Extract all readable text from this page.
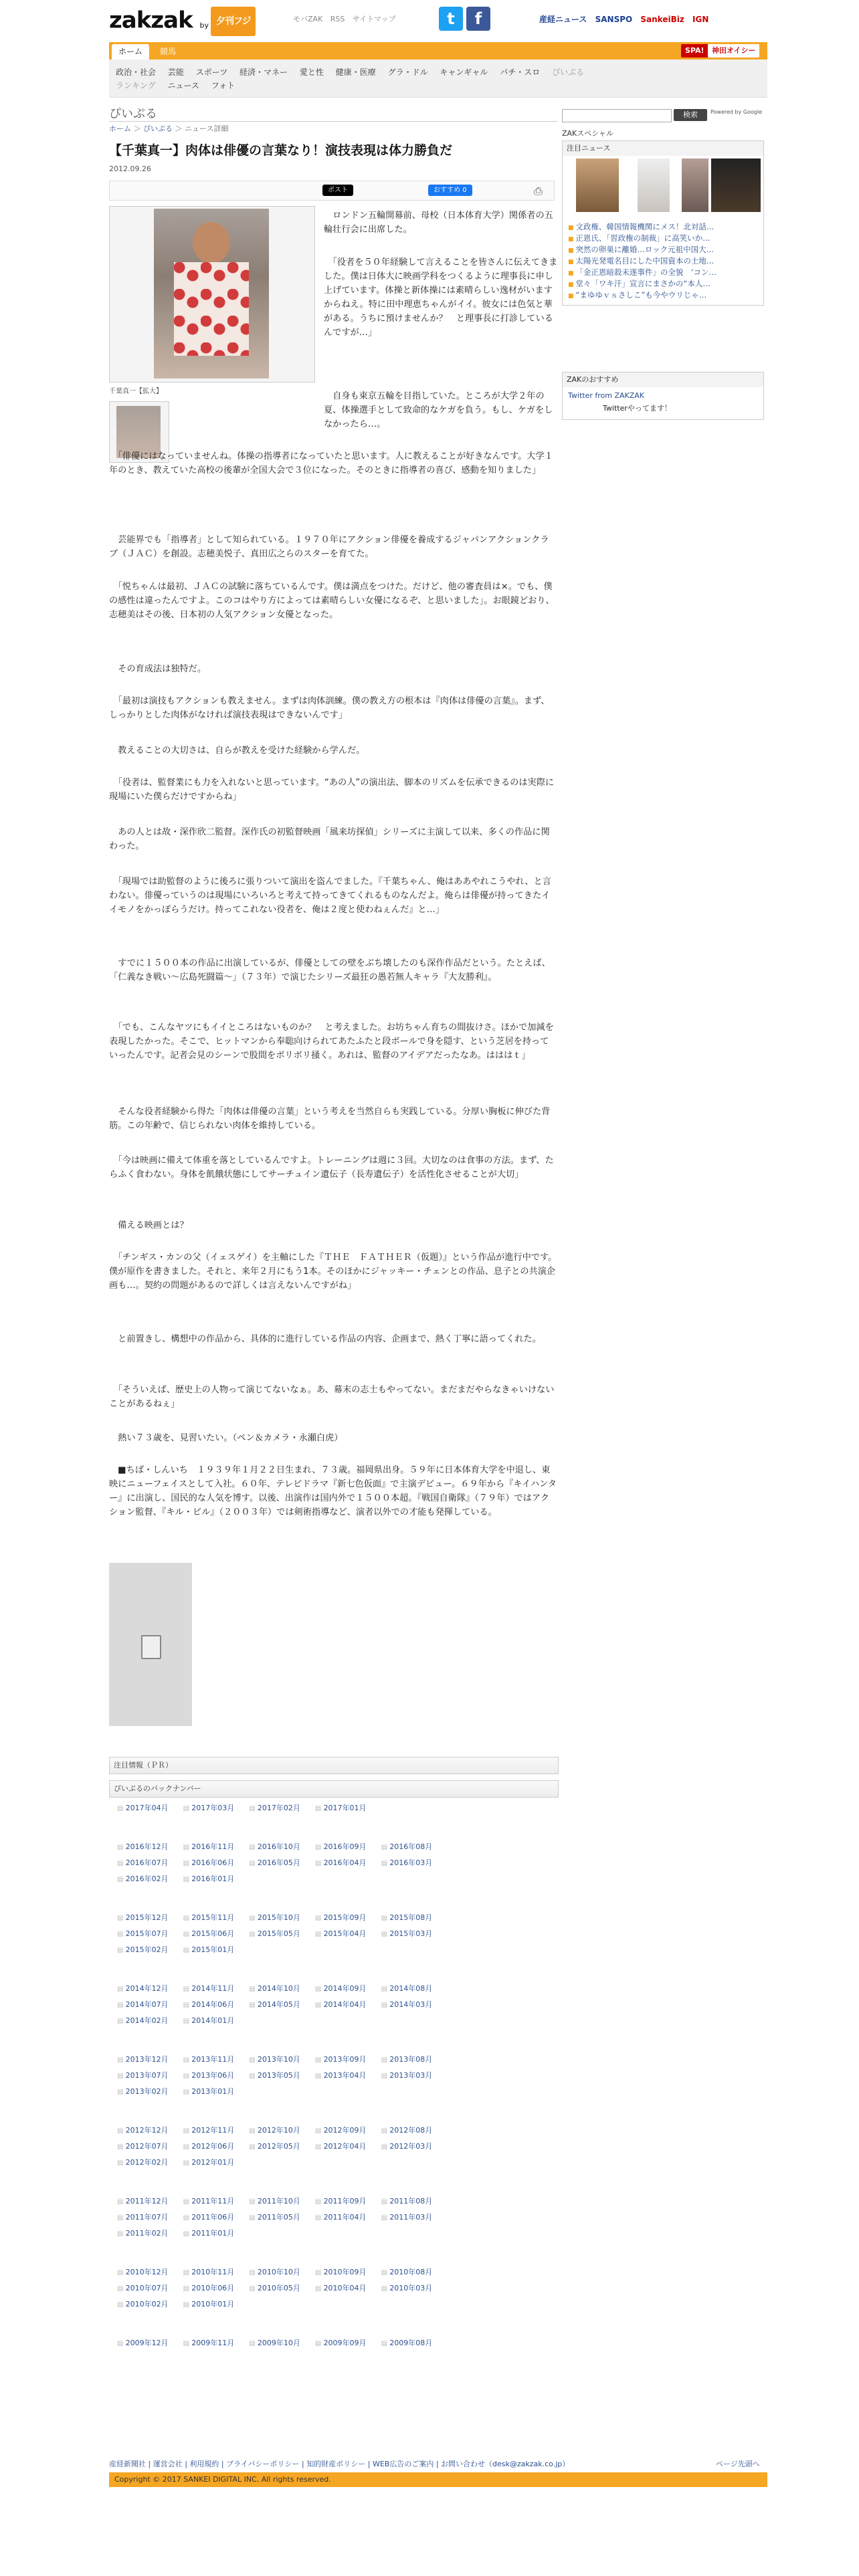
zakzak by 夕刊フジ	モバZAK RSS サイトマップ	t	f	産経ニュース SANSPO SankeiBiz IGN
ホーム	競馬	SPA!	神田オイシー
政治・社会 芸能 スポーツ 経済・マネー 愛と性 健康・医療 グラ・ドル キャンギャル パチ・スロ ぴいぷる
ランキング ニュース フォト
ぴいぷる
ホーム ＞ ぴいぷる ＞ ニュース詳細
【千葉真一】肉体は俳優の言葉なり！演技表現は体力勝負だ
2012.09.26
ポスト	おすすめ 0	⎙
千葉真一【拡大】
　ロンドン五輪開幕前、母校（日本体育大学）関係者の五輪壮行会に出席した。
　「役者を５０年経験して言えることを皆さんに伝えてきました。僕は日体大に映画学科をつくるように理事長に申し上げています。体操と新体操には素晴らしい逸材がいますからねえ。特に田中理恵ちゃんがイイ。彼女には色気と華がある。うちに預けませんか？　と理事長に打診しているんですが…」
　自身も東京五輪を目指していた。ところが大学２年の夏、体操選手として致命的なケガを負う。もし、ケガをしなかったら…。
　「俳優にはなっていませんね。体操の指導者になっていたと思います。人に教えることが好きなんです。大学１年のとき、教えていた高校の後輩が全国大会で３位になった。そのときに指導者の喜び、感動を知りました」
　芸能界でも「指導者」として知られている。１９７０年にアクション俳優を養成するジャパンアクションクラブ（ＪＡＣ）を創設。志穂美悦子、真田広之らのスターを育てた。
　「悦ちゃんは最初、ＪＡＣの試験に落ちているんです。僕は満点をつけた。だけど、他の審査員は×。でも、僕の感性は違ったんですよ。このコはやり方によっては素晴らしい女優になるぞ、と思いました」。お眼鏡どおり、志穂美はその後、日本初の人気アクション女優となった。
　その育成法は独特だ。
　「最初は演技もアクションも教えません。まずは肉体訓練。僕の教え方の根本は『肉体は俳優の言葉』。まず、しっかりとした肉体がなければ演技表現はできないんです」
　教えることの大切さは、自らが教えを受けた経験から学んだ。
　「役者は、監督業にも力を入れないと思っています。“あの人”の演出法、脚本のリズムを伝承できるのは実際に現場にいた僕らだけですからね」
　あの人とは故・深作欣二監督。深作氏の初監督映画「風来坊探偵」シリーズに主演して以来、多くの作品に関わった。
　「現場では助監督のように後ろに張りついて演出を盗んでました。『千葉ちゃん、俺はああやれこうやれ、と言わない。俳優っていうのは現場にいろいろと考えて持ってきてくれるものなんだよ。俺らは俳優が持ってきたイイモノをかっぽらうだけ。持ってこれない役者を、俺は２度と使わねぇんだ』と…」
　すでに１５００本の作品に出演しているが、俳優としての壁をぶち壊したのも深作作品だという。たとえば、「仁義なき戦い～広島死闘篇～」（７３年）で演じたシリーズ最狂の愚若無人キャラ『大友勝利』。
　「でも、こんなヤツにもイイところはないものか？　と考えました。お坊ちゃん育ちの間抜けさ。ほかで加減を表現したかった。そこで、ヒットマンから奉聡向けられてあたふたと段ボールで身を隠す、という芝居を持っていったんです。記者会見のシーンで股間をボリボリ掻く。あれは、監督のアイデアだったなあ。はははｔ」
　そんな役者経験から得た「肉体は俳優の言葉」という考えを当然自らも実践している。分厚い胸板に伸びた背筋。この年齢で、信じられない肉体を維持している。
　「今は映画に備えて体重を落としているんですよ。トレーニングは週に３回。大切なのは食事の方法。まず、たらふく食わない。身体を飢餓状態にしてサーチュイン遺伝子（長寿遺伝子）を活性化させることが大切」
　備える映画とは？
　「チンギス・カンの父（イェスゲイ）を主軸にした『ＴＨＥ　ＦＡＴＨＥＲ（仮題）』という作品が進行中です。僕が原作を書きました。それと、来年２月にもう1本。そのほかにジャッキー・チェンとの作品、息子との共演企画も…。契約の問題があるので詳しくは言えないんですがね」
　と前置きし、構想中の作品から、具体的に進行している作品の内容、企画まで、熱く丁寧に語ってくれた。
　「そういえば、歴史上の人物って演じてないなぁ。あ、幕末の志士もやってない。まだまだやらなきゃいけないことがあるねぇ」
　熱い７３歳を、見習いたい。（ペン＆カメラ・永瀬白虎）
　■ちば・しんいち　１９３９年１月２２日生まれ、７３歳。福岡県出身。５９年に日本体育大学を中退し、東映にニューフェイスとして入社。６０年、テレビドラマ『新七色仮面』で主演デビュー。６９年から『キイハンター』に出演し、国民的な人気を博す。以後、出演作は国内外で１５００本超。『戦国自衛隊』（７９年）ではアクション監督、『キル・ビル』（２００３年）では剣術指導など、演者以外での才能も発揮している。
注目情報（ＰＲ）
ぴいぷるのバックナンバー
▤ 2017年04月	▤ 2017年03月	▤ 2017年02月	▤ 2017年01月
▤ 2016年12月	▤ 2016年11月	▤ 2016年10月	▤ 2016年09月	▤ 2016年08月
▤ 2016年07月	▤ 2016年06月	▤ 2016年05月	▤ 2016年04月	▤ 2016年03月
▤ 2016年02月	▤ 2016年01月
▤ 2015年12月	▤ 2015年11月	▤ 2015年10月	▤ 2015年09月	▤ 2015年08月
▤ 2015年07月	▤ 2015年06月	▤ 2015年05月	▤ 2015年04月	▤ 2015年03月
▤ 2015年02月	▤ 2015年01月
▤ 2014年12月	▤ 2014年11月	▤ 2014年10月	▤ 2014年09月	▤ 2014年08月
▤ 2014年07月	▤ 2014年06月	▤ 2014年05月	▤ 2014年04月	▤ 2014年03月
▤ 2014年02月	▤ 2014年01月
▤ 2013年12月	▤ 2013年11月	▤ 2013年10月	▤ 2013年09月	▤ 2013年08月
▤ 2013年07月	▤ 2013年06月	▤ 2013年05月	▤ 2013年04月	▤ 2013年03月
▤ 2013年02月	▤ 2013年01月
▤ 2012年12月	▤ 2012年11月	▤ 2012年10月	▤ 2012年09月	▤ 2012年08月
▤ 2012年07月	▤ 2012年06月	▤ 2012年05月	▤ 2012年04月	▤ 2012年03月
▤ 2012年02月	▤ 2012年01月
▤ 2011年12月	▤ 2011年11月	▤ 2011年10月	▤ 2011年09月	▤ 2011年08月
▤ 2011年07月	▤ 2011年06月	▤ 2011年05月	▤ 2011年04月	▤ 2011年03月
▤ 2011年02月	▤ 2011年01月
▤ 2010年12月	▤ 2010年11月	▤ 2010年10月	▤ 2010年09月	▤ 2010年08月
▤ 2010年07月	▤ 2010年06月	▤ 2010年05月	▤ 2010年04月	▤ 2010年03月
▤ 2010年02月	▤ 2010年01月
▤ 2009年12月	▤ 2009年11月	▤ 2009年10月	▤ 2009年09月	▤ 2009年08月
検索	Powered by Google
ZAKスペシャル
注目ニュース
■ 文政権、韓国情報機関にメス！北対話…
■ 正恩氏、「習政権の制裁」に高笑いか…
■ 突然の卵巣に離婚…ロック元祖中国大…
■ 太陽光発電名目にした中国資本の土地…
■ 「金正恩暗殺未遂事件」の全貌　‘コン…
■ 堂々「ワキ汗」宣言にまさかの“本人…
■ “まゆゆｖｓさしこ”も今やウリじゃ…
ZAKのおすすめ
Twitter from ZAKZAK
Twitterやってます！
産経新聞社 | 運営会社 | 利用規約 | プライバシーポリシー | 知的財産ポリシー | WEB広告のご案内 | お問い合わせ（desk@zakzak.co.jp）	ページ先頭へ
Copyright © 2017 SANKEI DIGITAL INC. All rights reserved.
